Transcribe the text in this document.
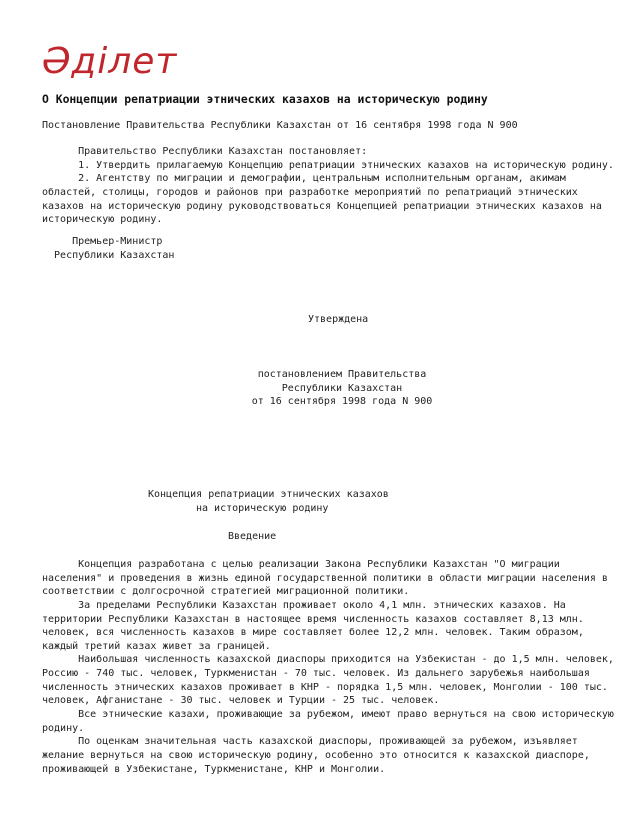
Әділет
О Концепции репатриации этнических казахов на историческую родину
Постановление Правительства Республики Казахстан от 16 сентября 1998 года N 900
Правительство Республики Казахстан постановляет:
1. Утвердить прилагаемую Концепцию репатриации этнических казахов на историческую родину.
2. Агентству по миграции и демографии, центральным исполнительным органам, акимам
областей, столицы, городов и районов при разработке мероприятий по репатриаций этнических
казахов на историческую родину руководствоваться Концепцией репатриации этнических казахов на
историческую родину.
Премьер-Министр
Республики Казахстан
Утверждена
постановлением Правительства
Республики Казахстан
от 16 сентября 1998 года N 900
Концепция репатриации этнических казахов
на историческую родину
Введение
Концепция разработана с целью реализации Закона Республики Казахстан "О миграции
населения" и проведения в жизнь единой государственной политики в области миграции населения в
соответствии с долгосрочной стратегией миграционной политики.
За пределами Республики Казахстан проживает около 4,1 млн. этнических казахов. На
территории Республики Казахстан в настоящее время численность казахов составляет 8,13 млн.
человек, вся численность казахов в мире составляет более 12,2 млн. человек. Таким образом,
каждый третий казах живет за границей.
Наибольшая численность казахской диаспоры приходится на Узбекистан - до 1,5 млн. человек,
Россию - 740 тыс. человек, Туркменистан - 70 тыс. человек. Из дальнего зарубежья наибольшая
численность этнических казахов проживает в КНР - порядка 1,5 млн. человек, Монголии - 100 тыс.
человек, Афганистане - 30 тыс. человек и Турции - 25 тыс. человек.
Все этнические казахи, проживающие за рубежом, имеют право вернуться на свою историческую
родину.
По оценкам значительная часть казахской диаспоры, проживающей за рубежом, изъявляет
желание вернуться на свою историческую родину, особенно это относится к казахской диаспоре,
проживающей в Узбекистане, Туркменистане, КНР и Монголии.
